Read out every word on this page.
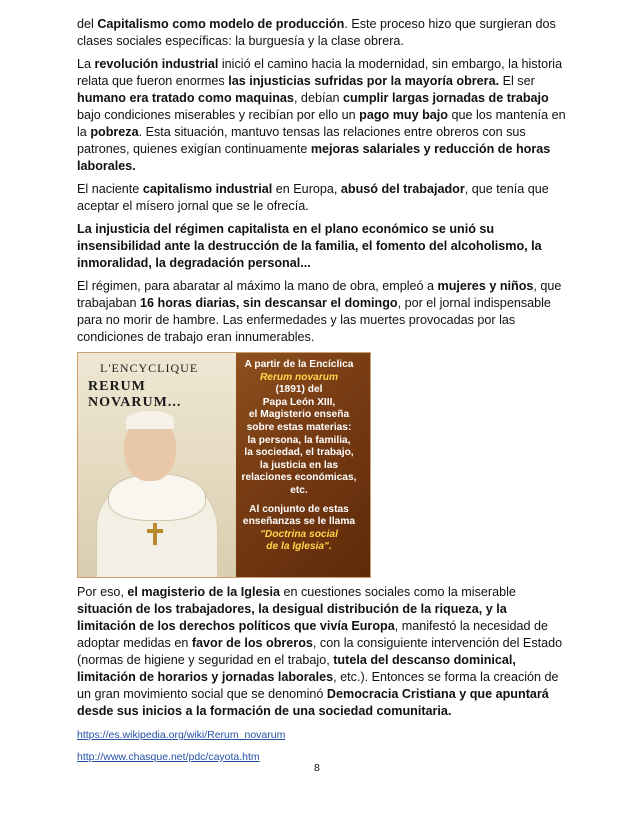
del Capitalismo como modelo de producción. Este proceso hizo que surgieran dos clases sociales específicas: la burguesía y la clase obrera.

La revolución industrial inició el camino hacia la modernidad, sin embargo, la historia relata que fueron enormes las injusticias sufridas por la mayoría obrera. El ser humano era tratado como maquinas, debían cumplir largas jornadas de trabajo bajo condiciones miserables y recibían por ello un pago muy bajo que los mantenía en la pobreza. Esta situación, mantuvo tensas las relaciones entre obreros con sus patrones, quienes exigían continuamente mejoras salariales y reducción de horas laborales.

El naciente capitalismo industrial en Europa, abusó del trabajador, que tenía que aceptar el mísero jornal que se le ofrecía.

La injusticia del régimen capitalista en el plano económico se unió su insensibilidad ante la destrucción de la familia, el fomento del alcoholismo, la inmoralidad, la degradación personal...

El régimen, para abaratar al máximo la mano de obra, empleó a mujeres y niños, que trabajaban 16 horas diarias, sin descansar el domingo, por el jornal indispensable para no morir de hambre. Las enfermedades y las muertes provocadas por las condiciones de trabajo eran innumerables.

L'ENCYCLIQUE
RERUM NOVARUM...
A partir de la Encíclica
Rerum novarum
(1891) del
Papa León XIII,
el Magisterio enseña
sobre estas materias:
la persona, la familia,
la sociedad, el trabajo,
la justicia en las
relaciones económicas,
etc.
Al conjunto de estas
enseñanzas se le llama
"Doctrina social
de la Iglesia".

Por eso, el magisterio de la Iglesia en cuestiones sociales como la miserable situación de los trabajadores, la desigual distribución de la riqueza, y la limitación de los derechos políticos que vivía Europa, manifestó la necesidad de adoptar medidas en favor de los obreros, con la consiguiente intervención del Estado (normas de higiene y seguridad en el trabajo, tutela del descanso dominical, limitación de horarios y jornadas laborales, etc.). Entonces se forma la creación de un gran movimiento social que se denominó Democracia Cristiana y que apuntará desde sus inicios a la formación de una sociedad comunitaria.

https://es.wikipedia.org/wiki/Rerum_novarum
http://www.chasque.net/pdc/cayota.htm
8
